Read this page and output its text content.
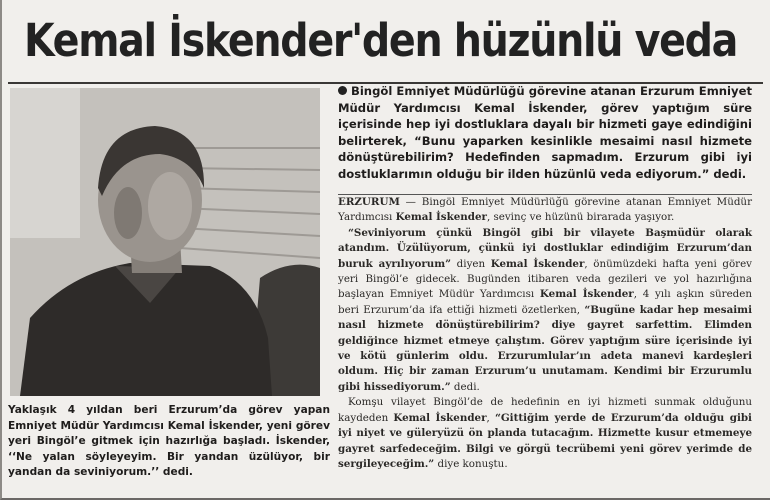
Kemal İskender'den hüzünlü veda
Yaklaşık 4 yıldan beri Erzurum’da görev yapan Emniyet Müdür Yardımcısı Kemal İskender, yeni görev yeri Bingöl’e gitmek için hazırlığa başladı. İskender, ‘‘Ne yalan söyleyeyim. Bir yandan üzülüyor, bir yandan da seviniyorum.’’ dedi.
Bingöl Emniyet Müdürlüğü görevine atanan Erzurum Emniyet Müdür Yardımcısı Kemal İskender, görev yaptığım süre içerisinde hep iyi dostluklara dayalı bir hizmeti gaye edindiğini belirterek, “Bunu yaparken kesinlikle mesaimi nasıl hizmete dönüştürebilirim? Hedefinden sapmadım. Erzurum gibi iyi dostluklarımın olduğu bir ilden hüzünlü veda ediyorum.” dedi.

ERZURUM — Bingöl Emniyet Müdürlüğü görevine atanan Emniyet Müdür Yardımcısı Kemal İskender, sevinç ve hüzünü birarada yaşıyor.

“Seviniyorum çünkü Bingöl gibi bir vilayete Başmüdür olarak atandım. Üzülüyorum, çünkü iyi dostluklar edindiğim Erzurum’dan buruk ayrılıyorum” diyen Kemal İskender, önümüzdeki hafta yeni görev yeri Bingöl’e gidecek. Bugünden itibaren veda gezileri ve yol hazırlığına başlayan Emniyet Müdür Yardımcısı Kemal İskender, 4 yılı aşkın süreden beri Erzurum’da ifa ettiği hizmeti özetlerken, “Bugüne kadar hep mesaimi nasıl hizmete dönüştürebilirim? diye gayret sarfettim. Elimden geldiğince hizmet etmeye çalıştım. Görev yaptığım süre içerisinde iyi ve kötü günlerim oldu. Erzurumlular’ın adeta manevi kardeşleri oldum. Hiç bir zaman Erzurum’u unutamam. Kendimi bir Erzurumlu gibi hissediyorum.” dedi.

Komşu vilayet Bingöl’de de hedefinin en iyi hizmeti sunmak olduğunu kaydeden Kemal İskender, “Gittiğim yerde de Erzurum’da olduğu gibi iyi niyet ve güleryüzü ön planda tutacağım. Hizmette kusur etmemeye gayret sarfedeceğim. Bilgi ve görgü tecrübemi yeni görev yerimde de sergileyeceğim.” diye konuştu.
